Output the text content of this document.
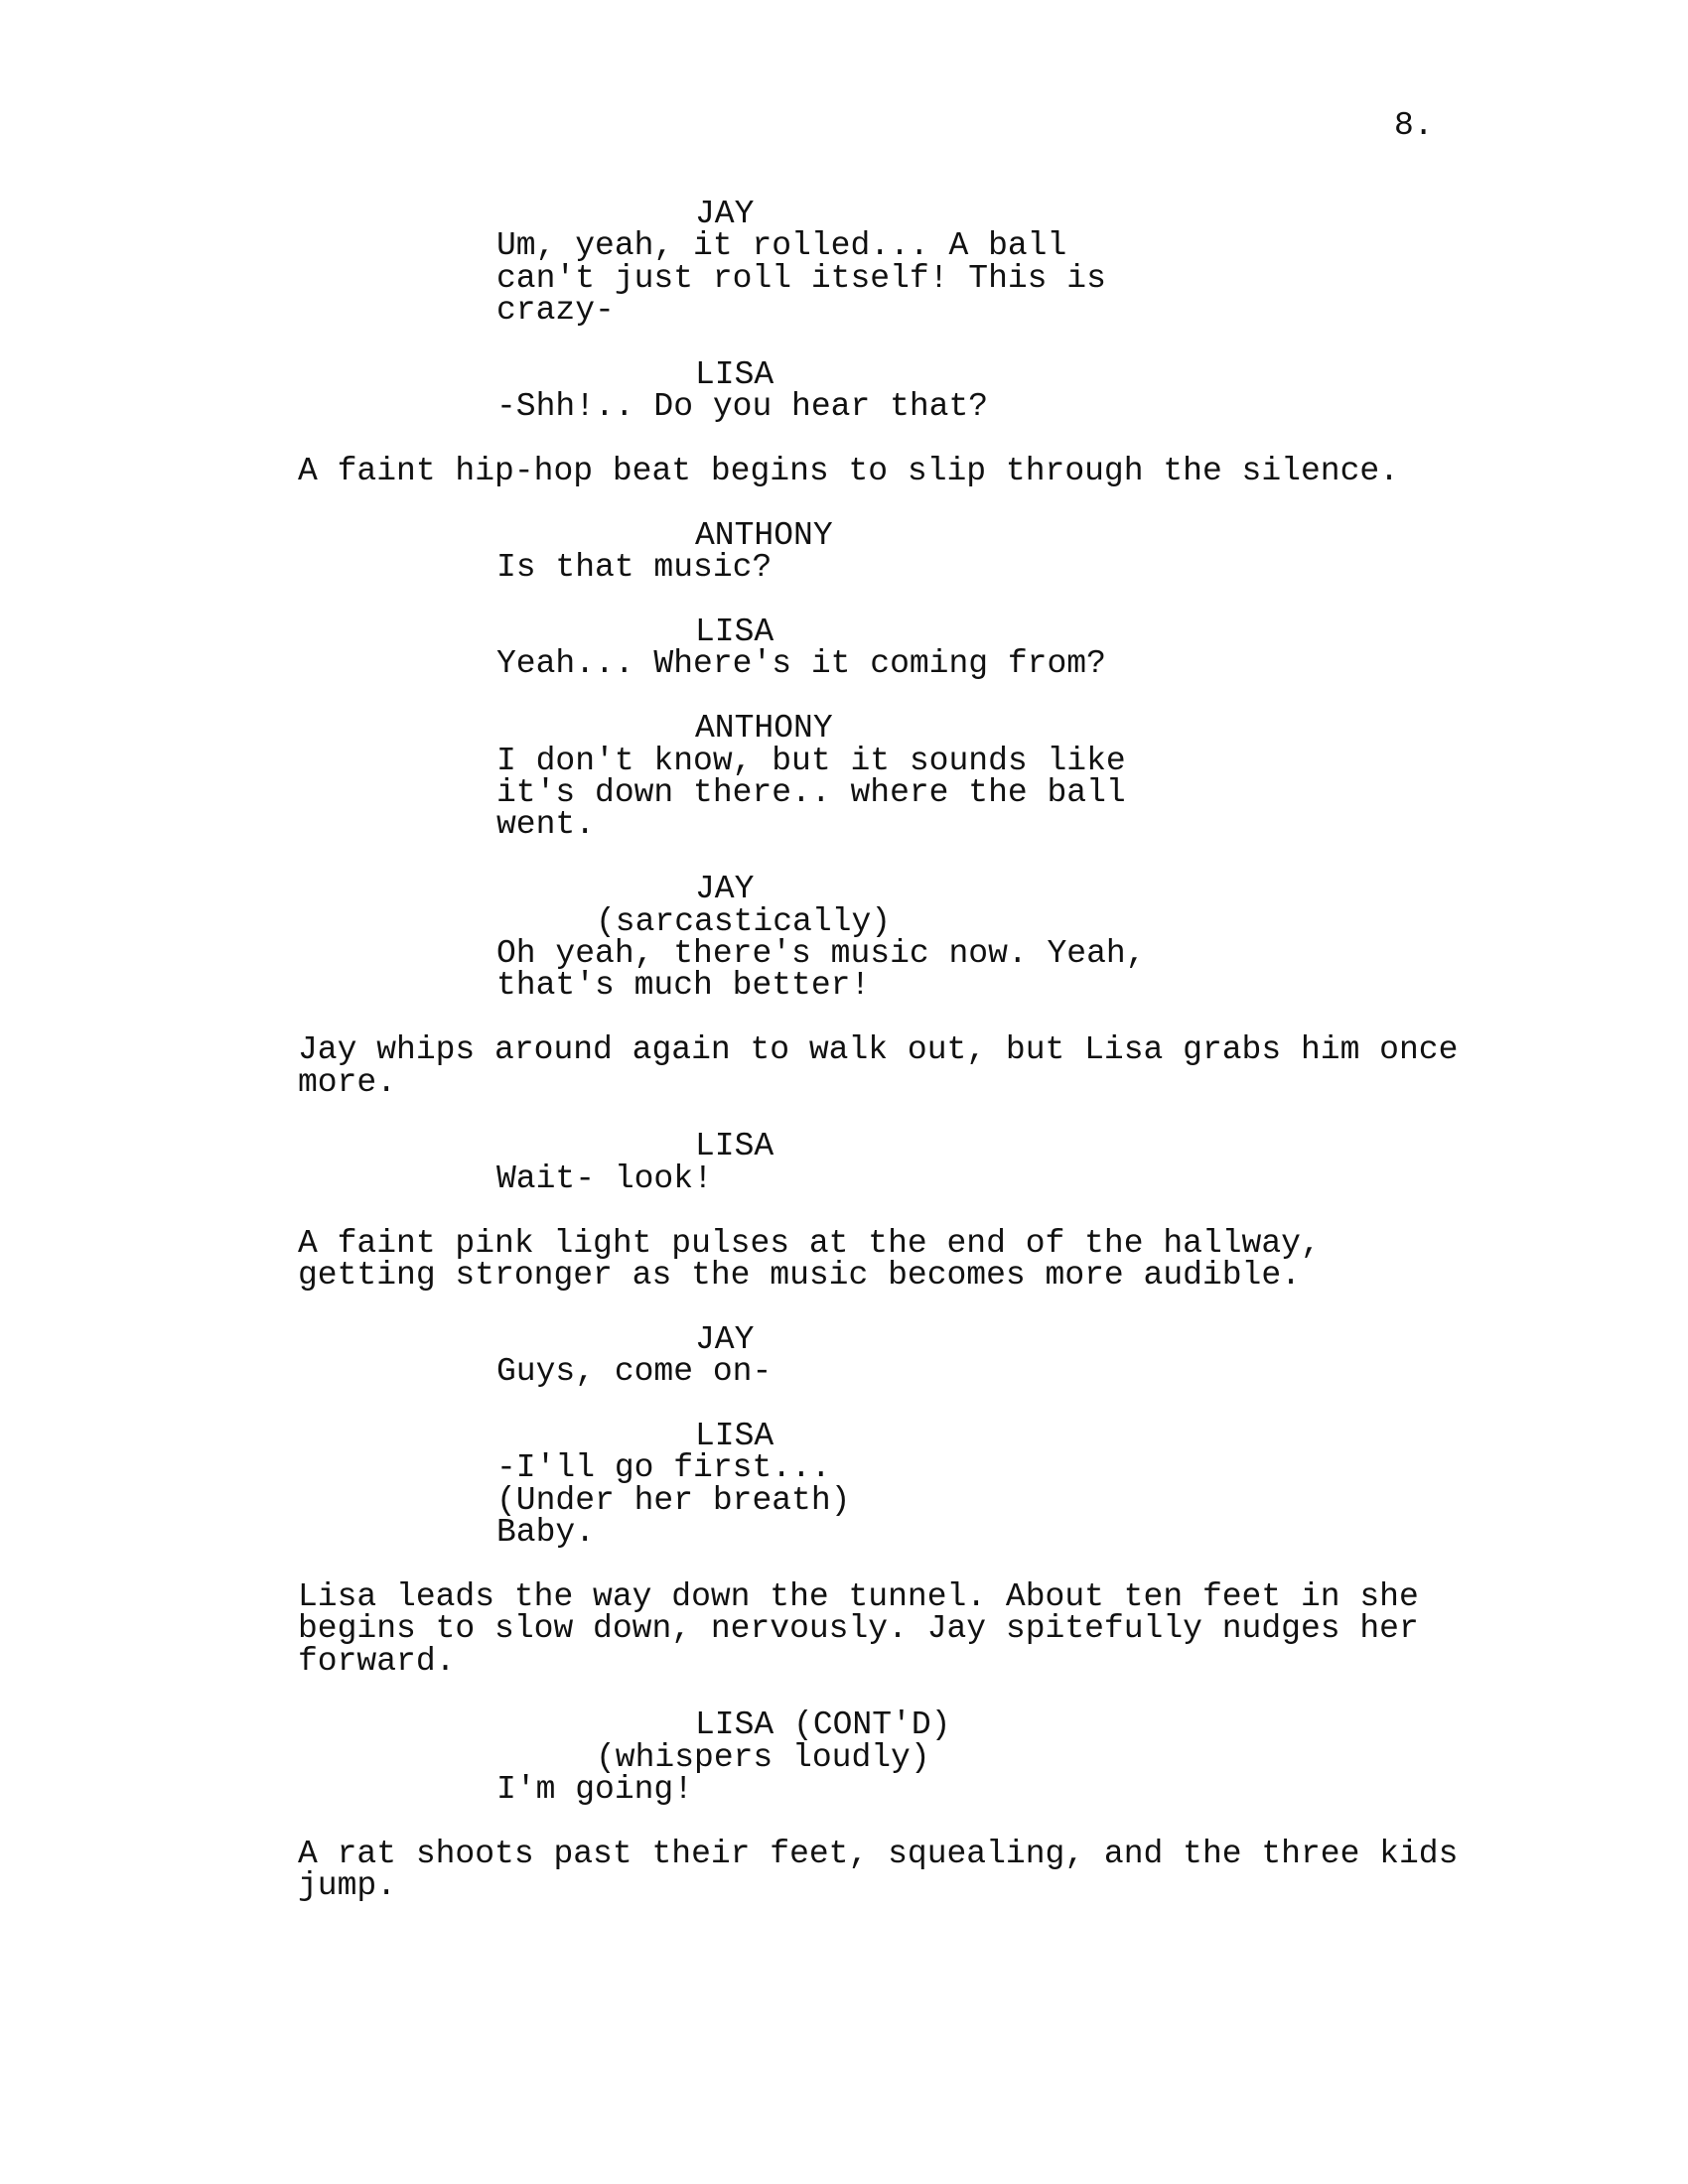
8.
JAY
Um, yeah, it rolled... A ball
can't just roll itself! This is
crazy-
LISA
-Shh!.. Do you hear that?
A faint hip-hop beat begins to slip through the silence.
ANTHONY
Is that music?
LISA
Yeah... Where's it coming from?
ANTHONY
I don't know, but it sounds like
it's down there.. where the ball
went.
JAY
(sarcastically)
Oh yeah, there's music now. Yeah,
that's much better!
Jay whips around again to walk out, but Lisa grabs him once
more.
LISA
Wait- look!
A faint pink light pulses at the end of the hallway,
getting stronger as the music becomes more audible.
JAY
Guys, come on-
LISA
-I'll go first...
(Under her breath)
Baby.
Lisa leads the way down the tunnel. About ten feet in she
begins to slow down, nervously. Jay spitefully nudges her
forward.
LISA (CONT'D)
(whispers loudly)
I'm going!
A rat shoots past their feet, squealing, and the three kids
jump.
